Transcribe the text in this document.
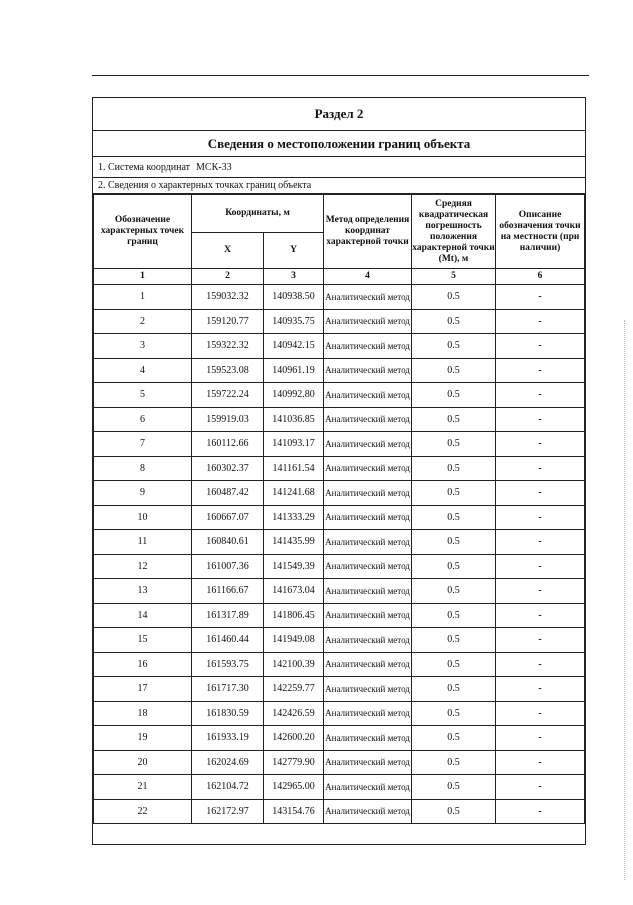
Раздел 2
Сведения о местоположении границ объекта
1. Система координат МСК-33
2. Сведения о характерных точках границ объекта
Обозначение характерных точек границ	Координаты, м		Метод определения координат характерной точки	Средняя квадратическая погрешность положения характерной точки (Мt), м	Описание обозначения точки на местности (при наличии)
	X	Y			
1	2	3	4	5	6
1	159032.32	140938.50	Аналитический метод	0.5	-
2	159120.77	140935.75	Аналитический метод	0.5	-
3	159322.32	140942.15	Аналитический метод	0.5	-
4	159523.08	140961.19	Аналитический метод	0.5	-
5	159722.24	140992.80	Аналитический метод	0.5	-
6	159919.03	141036.85	Аналитический метод	0.5	-
7	160112.66	141093.17	Аналитический метод	0.5	-
8	160302.37	141161.54	Аналитический метод	0.5	-
9	160487.42	141241.68	Аналитический метод	0.5	-
10	160667.07	141333.29	Аналитический метод	0.5	-
11	160840.61	141435.99	Аналитический метод	0.5	-
12	161007.36	141549.39	Аналитический метод	0.5	-
13	161166.67	141673.04	Аналитический метод	0.5	-
14	161317.89	141806.45	Аналитический метод	0.5	-
15	161460.44	141949.08	Аналитический метод	0.5	-
16	161593.75	142100.39	Аналитический метод	0.5	-
17	161717.30	142259.77	Аналитический метод	0.5	-
18	161830.59	142426.59	Аналитический метод	0.5	-
19	161933.19	142600.20	Аналитический метод	0.5	-
20	162024.69	142779.90	Аналитический метод	0.5	-
21	162104.72	142965.00	Аналитический метод	0.5	-
22	162172.97	143154.76	Аналитический метод	0.5	-
